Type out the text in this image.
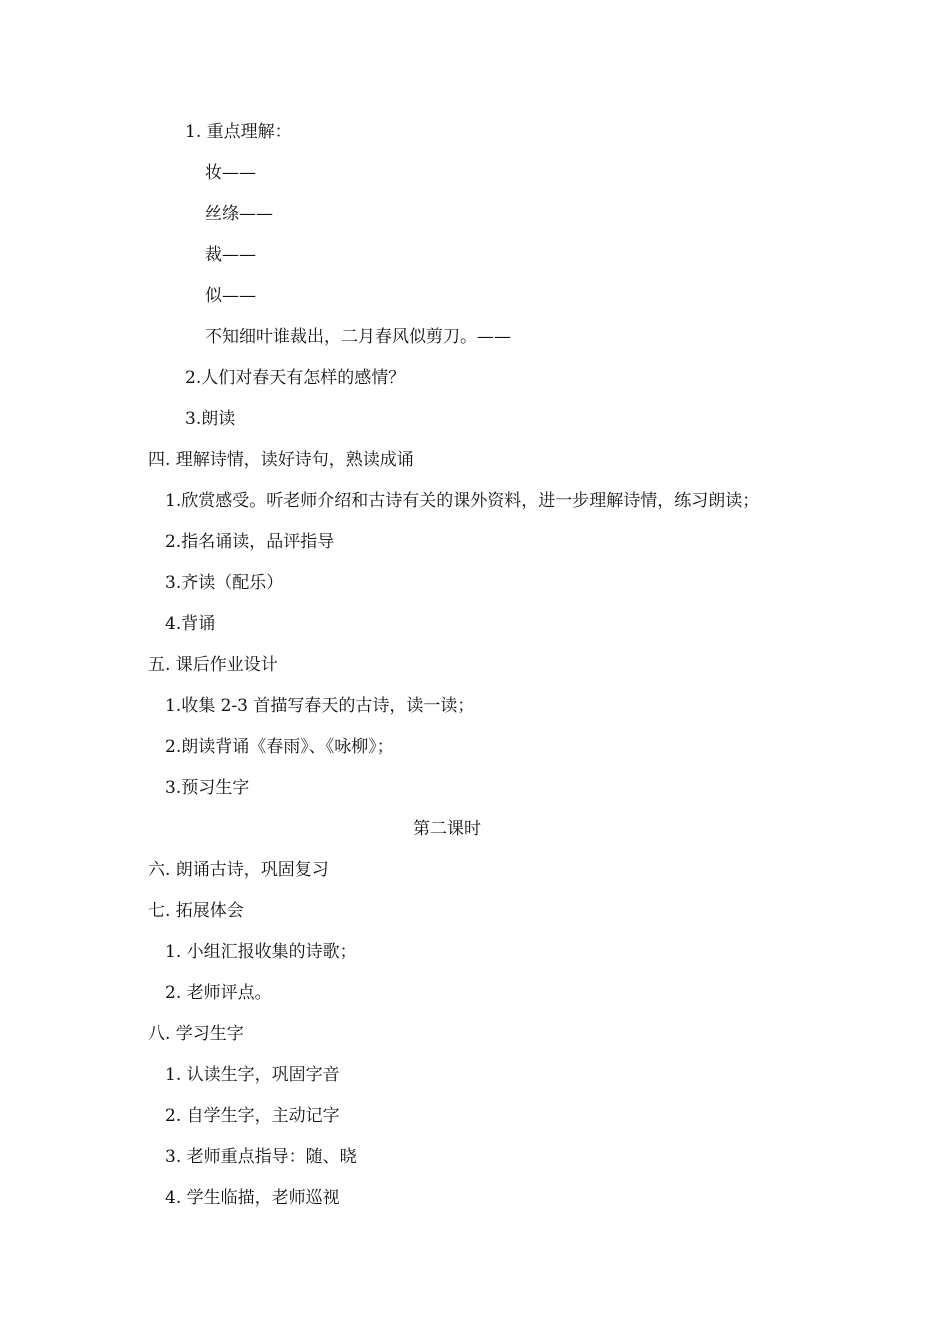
1. 重点理解：
妆——
丝绦——
裁——
似——
不知细叶谁裁出，二月春风似剪刀。——
2.人们对春天有怎样的感情？
3.朗读
四. 理解诗情，读好诗句，熟读成诵
1.欣赏感受。听老师介绍和古诗有关的课外资料，进一步理解诗情，练习朗读；
2.指名诵读，品评指导
3.齐读（配乐）
4.背诵
五. 课后作业设计
1.收集 2-3 首描写春天的古诗，读一读；
2.朗读背诵《春雨》、《咏柳》；
3.预习生字
第二课时
六. 朗诵古诗，巩固复习
七. 拓展体会
1. 小组汇报收集的诗歌；
2. 老师评点。
八. 学习生字
1. 认读生字，巩固字音
2. 自学生字，主动记字
3. 老师重点指导：随、晓
4. 学生临描，老师巡视
